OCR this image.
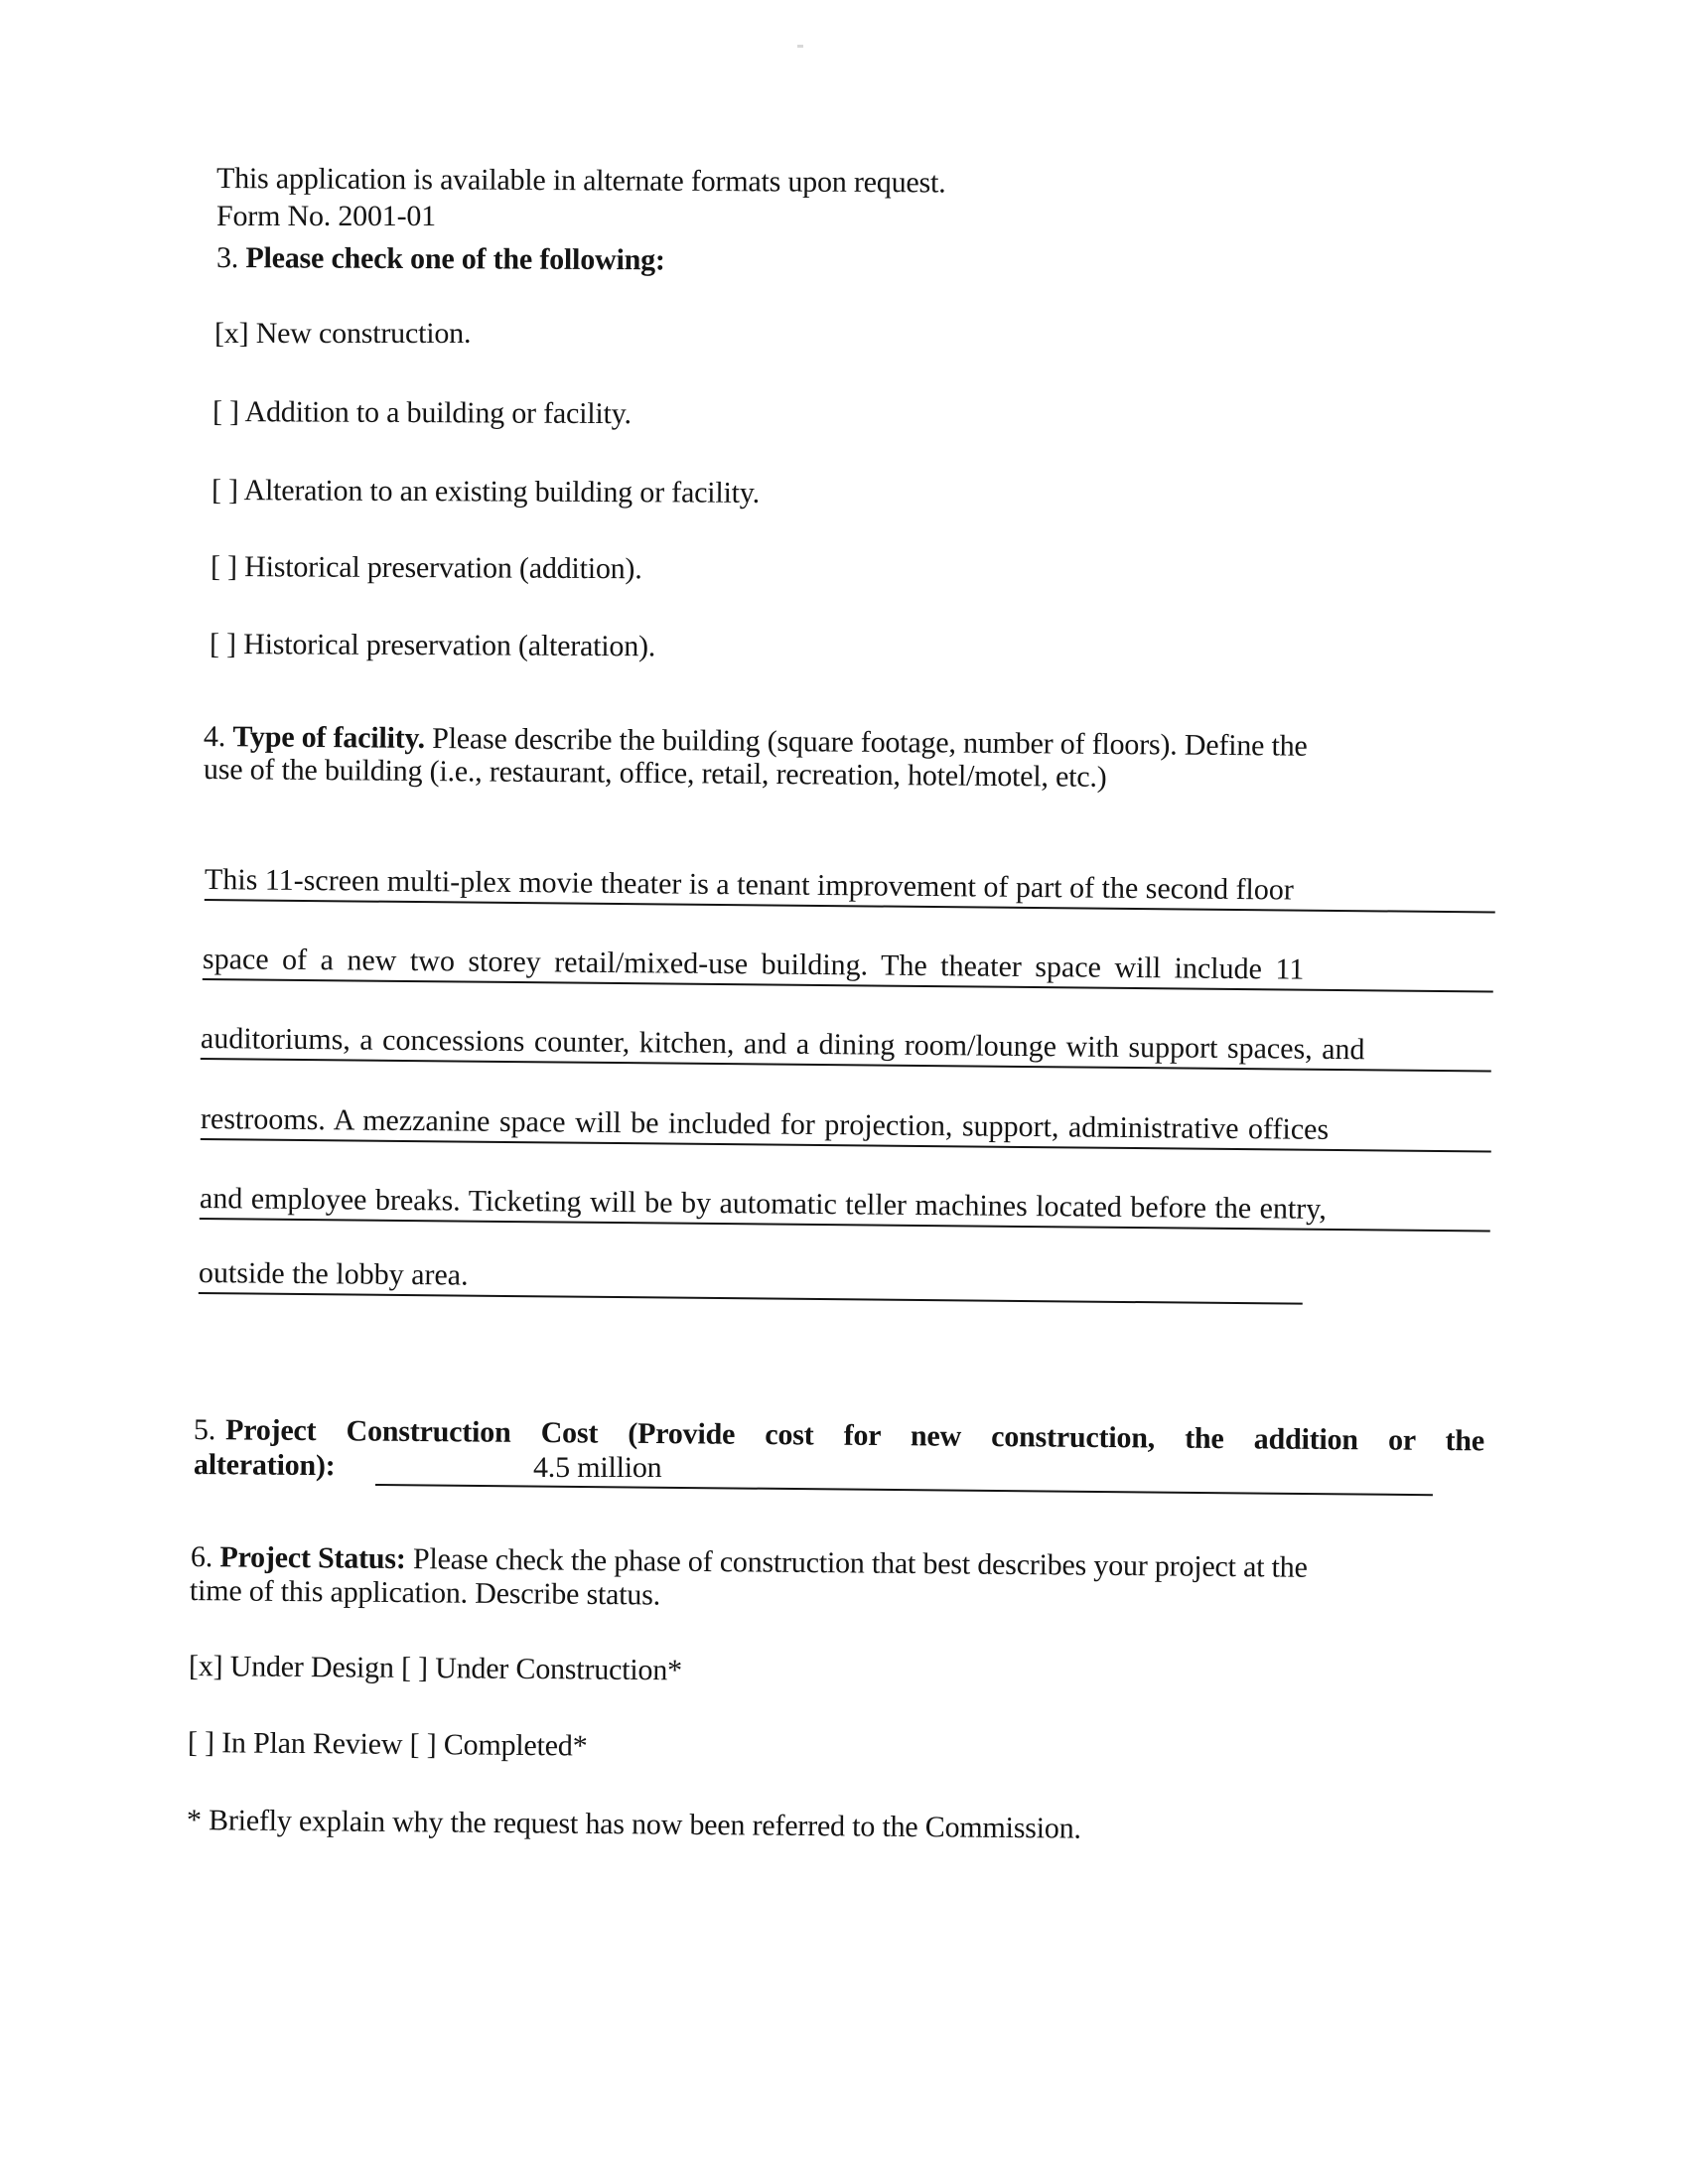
This application is available in alternate formats upon request.
Form No. 2001-01
3. Please check one of the following:
[x] New construction.
[ ] Addition to a building or facility.
[ ] Alteration to an existing building or facility.
[ ] Historical preservation (addition).
[ ] Historical preservation (alteration).
4. Type of facility. Please describe the building (square footage, number of floors). Define the
use of the building (i.e., restaurant, office, retail, recreation, hotel/motel, etc.)
This 11-screen multi-plex movie theater is a tenant improvement of part of the second floor
space of a new two storey retail/mixed-use building. The theater space will include 11
auditoriums, a concessions counter, kitchen, and a dining room/lounge with support spaces, and
restrooms. A mezzanine space will be included for projection, support, administrative offices
and employee breaks. Ticketing will be by automatic teller machines located before the entry,
outside the lobby area.
5. Project Construction Cost (Provide cost for new construction, the addition or the
alteration):	4.5 million
6. Project Status: Please check the phase of construction that best describes your project at the
time of this application. Describe status.
[x] Under Design [ ] Under Construction*
[ ] In Plan Review [ ] Completed*
* Briefly explain why the request has now been referred to the Commission.
